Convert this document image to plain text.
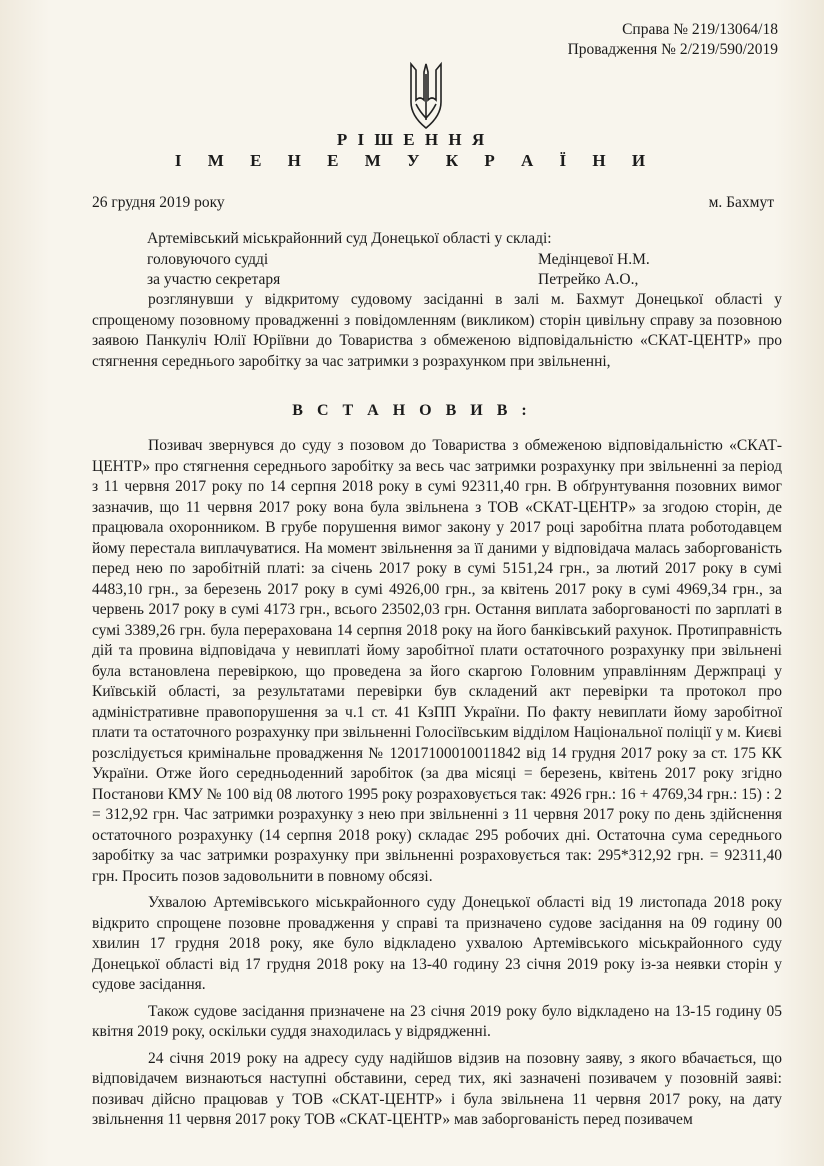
Справа № 219/13064/18
Провадження № 2/219/590/2019
Р І Ш Е Н Н Я
І М Е Н Е М У К Р А Ї Н И
26 грудня 2019 року	м. Бахмут
Артемівський міськрайонний суд Донецької області у складі:
головуючого судді	Медінцевої Н.М.
за участю секретаря	Петрейко А.О.,
розглянувши у відкритому судовому засіданні в залі м. Бахмут Донецької області у спрощеному позовному провадженні з повідомленням (викликом) сторін цивільну справу за позовною заявою Панкуліч Юлії Юріївни до Товариства з обмеженою відповідальністю «СКАТ-ЦЕНТР» про стягнення середнього заробітку за час затримки з розрахунком при звільненні,
В С Т А Н О В И В :

Позивач звернувся до суду з позовом до Товариства з обмеженою відповідальністю «СКАТ-ЦЕНТР» про стягнення середнього заробітку за весь час затримки розрахунку при звільненні за період з 11 червня 2017 року по 14 серпня 2018 року в сумі 92311,40 грн. В обґрунтування позовних вимог зазначив, що 11 червня 2017 року вона була звільнена з ТОВ «СКАТ-ЦЕНТР» за згодою сторін, де працювала охоронником. В грубе порушення вимог закону у 2017 році заробітна плата роботодавцем йому перестала виплачуватися. На момент звільнення за її даними у відповідача малась заборгованість перед нею по заробітній платі: за січень 2017 року в сумі 5151,24 грн., за лютий 2017 року в сумі 4483,10 грн., за березень 2017 року в сумі 4926,00 грн., за квітень 2017 року в сумі 4969,34 грн., за червень 2017 року в сумі 4173 грн., всього 23502,03 грн. Остання виплата заборгованості по зарплаті в сумі 3389,26 грн. була перерахована 14 серпня 2018 року на його банківський рахунок. Протиправність дій та провина відповідача у невиплаті йому заробітної плати остаточного розрахунку при звільнені була встановлена перевіркою, що проведена за його скаргою Головним управлінням Держпраці у Київській області, за результатами перевірки був складений акт перевірки та протокол про адміністративне правопорушення за ч.1 ст. 41 КзПП України. По факту невиплати йому заробітної плати та остаточного розрахунку при звільненні Голосіївським відділом Національної поліції у м. Києві розслідується кримінальне провадження № 12017100010011842 від 14 грудня 2017 року за ст. 175 КК України. Отже його середньоденний заробіток (за два місяці = березень, квітень 2017 року згідно Постанови КМУ № 100 від 08 лютого 1995 року розраховується так: 4926 грн.: 16 + 4769,34 грн.: 15) : 2 = 312,92 грн. Час затримки розрахунку з нею при звільненні з 11 червня 2017 року по день здійснення остаточного розрахунку (14 серпня 2018 року) складає 295 робочих дні. Остаточна сума середнього заробітку за час затримки розрахунку при звільненні розраховується так: 295*312,92 грн. = 92311,40 грн. Просить позов задовольнити в повному обсязі.

Ухвалою Артемівського міськрайонного суду Донецької області від 19 листопада 2018 року відкрито спрощене позовне провадження у справі та призначено судове засідання на 09 годину 00 хвилин 17 грудня 2018 року, яке було відкладено ухвалою Артемівського міськрайонного суду Донецької області від 17 грудня 2018 року на 13-40 годину 23 січня 2019 року із-за неявки сторін у судове засідання.

Також судове засідання призначене на 23 січня 2019 року було відкладено на 13-15 годину 05 квітня 2019 року, оскільки суддя знаходилась у відрядженні.

24 січня 2019 року на адресу суду надійшов відзив на позовну заяву, з якого вбачається, що відповідачем визнаються наступні обставини, серед тих, які зазначені позивачем у позовній заяві: позивач дійсно працював у ТОВ «СКАТ-ЦЕНТР» і була звільнена 11 червня 2017 року, на дату звільнення 11 червня 2017 року ТОВ «СКАТ-ЦЕНТР» мав заборгованість перед позивачем
